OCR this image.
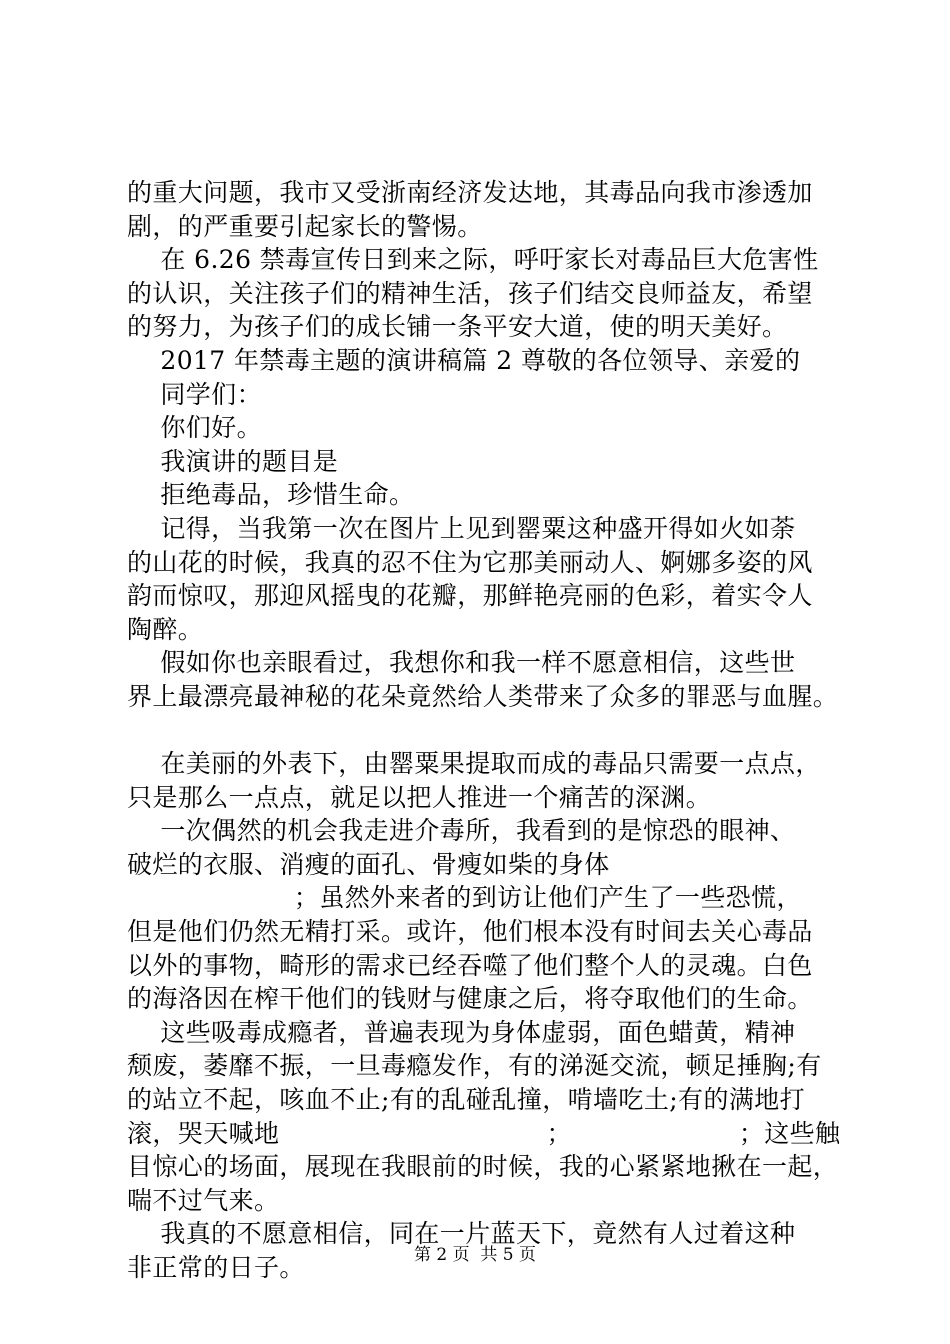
的重大问题，我市又受浙南经济发达地，其毒品向我市渗透加
剧，的严重要引起家长的警惕。
在 6.26 禁毒宣传日到来之际，呼吁家长对毒品巨大危害性
的认识，关注孩子们的精神生活，孩子们结交良师益友，希望
的努力，为孩子们的成长铺一条平安大道，使的明天美好。
2017 年禁毒主题的演讲稿篇 2 尊敬的各位领导、亲爱的
同学们：
你们好。
我演讲的题目是
拒绝毒品，珍惜生命。
记得，当我第一次在图片上见到罂粟这种盛开得如火如荼
的山花的时候，我真的忍不住为它那美丽动人、婀娜多姿的风
韵而惊叹，那迎风摇曳的花瓣，那鲜艳亮丽的色彩，着实令人
陶醉。
假如你也亲眼看过，我想你和我一样不愿意相信，这些世
界上最漂亮最神秘的花朵竟然给人类带来了众多的罪恶与血腥。
在美丽的外表下，由罂粟果提取而成的毒品只需要一点点，
只是那么一点点，就足以把人推进一个痛苦的深渊。
一次偶然的机会我走进介毒所，我看到的是惊恐的眼神、
破烂的衣服、消瘦的面孔、骨瘦如柴的身体
；虽然外来者的到访让他们产生了一些恐慌，
但是他们仍然无精打采。或许，他们根本没有时间去关心毒品
以外的事物，畸形的需求已经吞噬了他们整个人的灵魂。白色
的海洛因在榨干他们的钱财与健康之后，将夺取他们的生命。
这些吸毒成瘾者，普遍表现为身体虚弱，面色蜡黄，精神
颓废，萎靡不振，一旦毒瘾发作，有的涕涎交流，顿足捶胸;有
的站立不起，咳血不止;有的乱碰乱撞，啃墙吃土;有的满地打
滚，哭天喊地                                ；                    ；这些触
目惊心的场面，展现在我眼前的时候，我的心紧紧地揪在一起，
喘不过气来。
我真的不愿意相信，同在一片蓝天下，竟然有人过着这种
非正常的日子。	第 2 页  共 5 页
